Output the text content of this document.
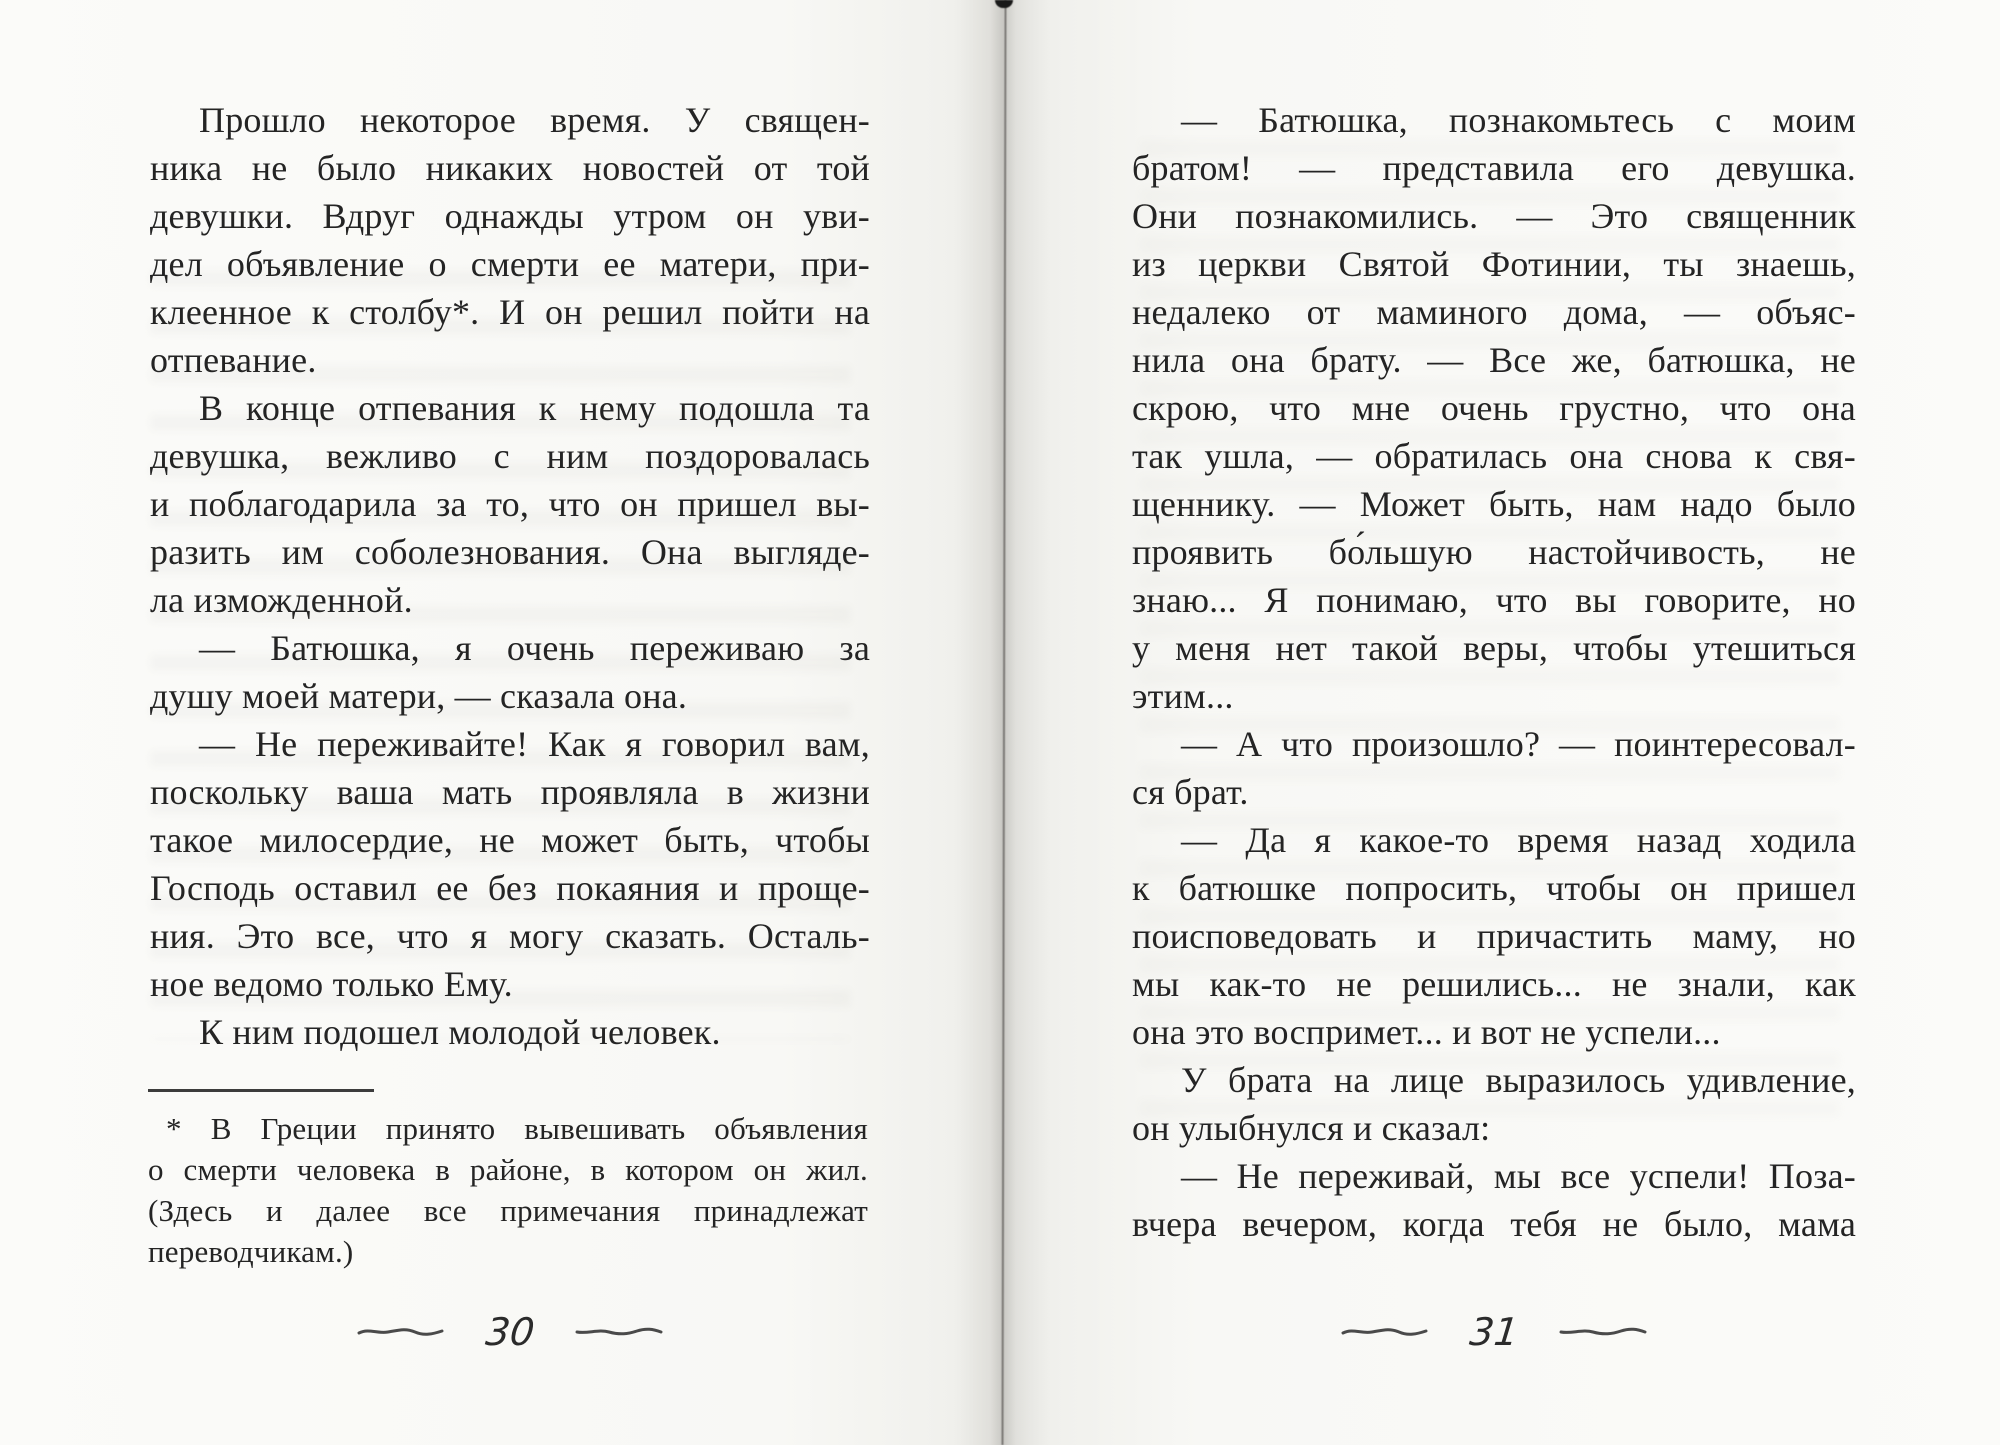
Прошло некоторое время. У священ-
ника не было никаких новостей от той
девушки. Вдруг однажды утром он уви-
дел объявление о смерти ее матери, при-
клеенное к столбу*. И он решил пойти на
отпевание.
В конце отпевания к нему подошла та
девушка, вежливо с ним поздоровалась
и поблагодарила за то, что он пришел вы-
разить им соболезнования. Она выгляде-
ла изможденной.
— Батюшка, я очень переживаю за
душу моей матери, — сказала она.
— Не переживайте! Как я говорил вам,
поскольку ваша мать проявляла в жизни
такое милосердие, не может быть, чтобы
Господь оставил ее без покаяния и проще-
ния. Это все, что я могу сказать. Осталь-
ное ведомо только Ему.
К ним подошел молодой человек.
* В Греции принято вывешивать объявления
о смерти человека в районе, в котором он жил.
(Здесь и далее все примечания принадлежат
переводчикам.)
— Батюшка, познакомьтесь с моим
братом! — представила его девушка.
Они познакомились. — Это священник
из церкви Святой Фотинии, ты знаешь,
недалеко от маминого дома, — объяс-
нила она брату. — Все же, батюшка, не
скрою, что мне очень грустно, что она
так ушла, — обратилась она снова к свя-
щеннику. — Может быть, нам надо было
проявить бо́льшую настойчивость, не
знаю... Я понимаю, что вы говорите, но
у меня нет такой веры, чтобы утешиться
этим...
— А что произошло? — поинтересовал-
ся брат.
— Да я какое-то время назад ходила
к батюшке попросить, чтобы он пришел
поисповедовать и причастить маму, но
мы как-то не решились... не знали, как
она это воспримет... и вот не успели...
У брата на лице выразилось удивление,
он улыбнулся и сказал:
— Не переживай, мы все успели! Поза-
вчера вечером, когда тебя не было, мама
30	31
